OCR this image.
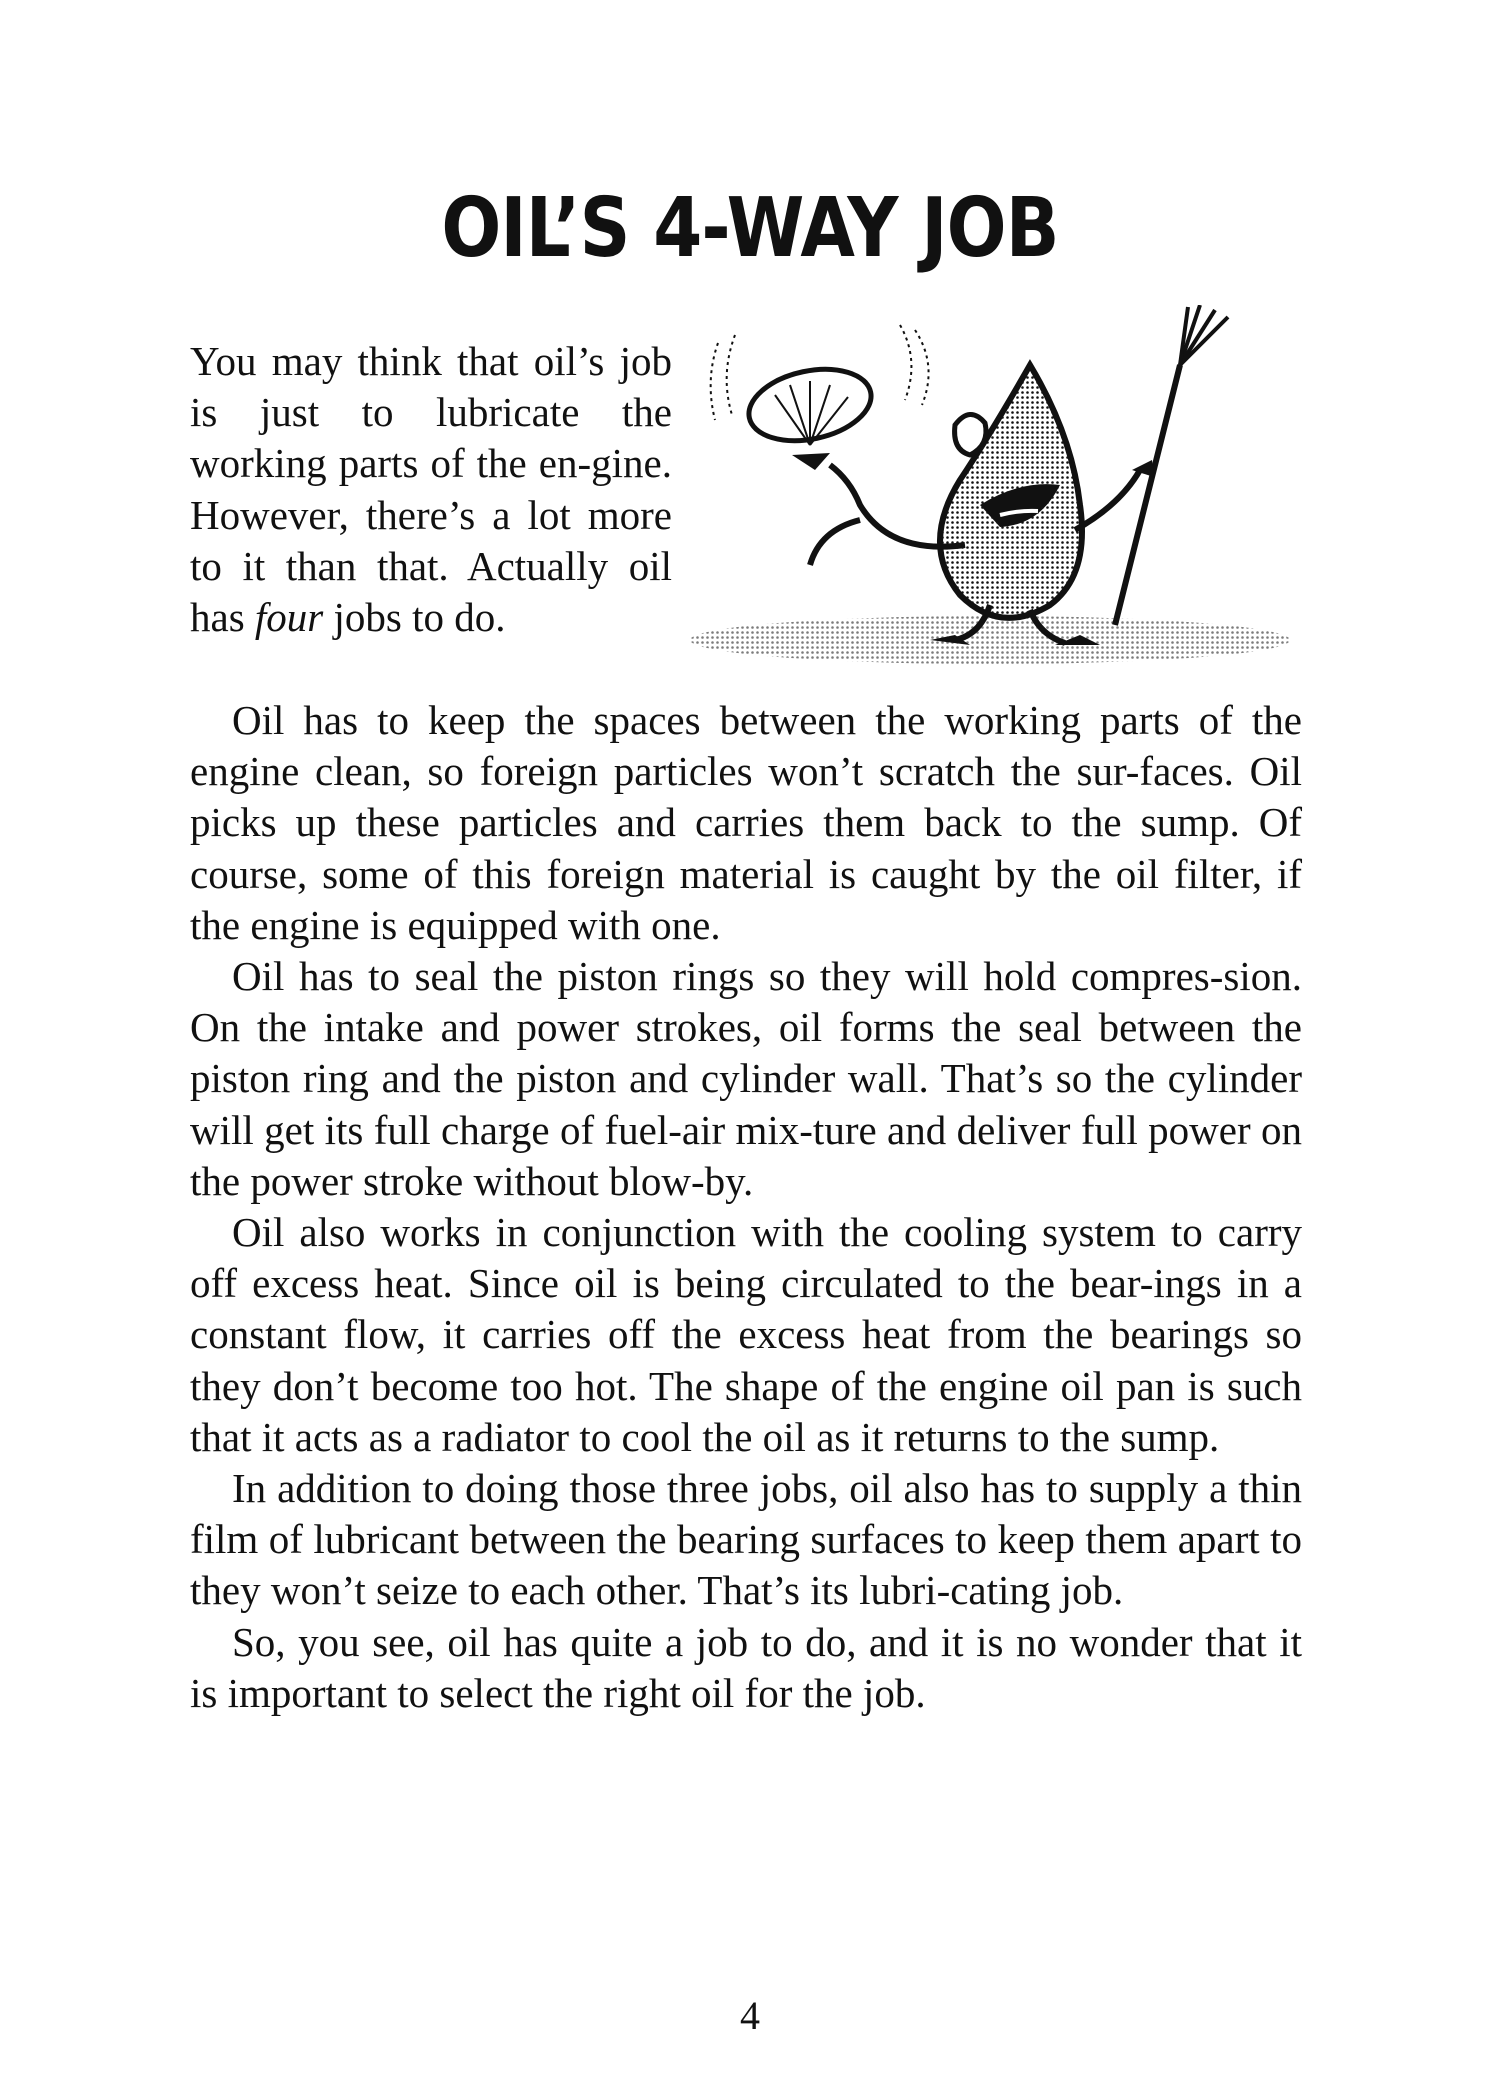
OIL’S 4-WAY JOB

You may think that oil’s job is just to lubricate the working parts of the en-gine. However, there’s a lot more to it than that. Actually oil has four jobs to do.

Oil has to keep the spaces between the working parts of the engine clean, so foreign particles won’t scratch the sur-faces. Oil picks up these particles and carries them back to the sump. Of course, some of this foreign material is caught by the oil filter, if the engine is equipped with one.

Oil has to seal the piston rings so they will hold compres-sion. On the intake and power strokes, oil forms the seal between the piston ring and the piston and cylinder wall. That’s so the cylinder will get its full charge of fuel-air mix-ture and deliver full power on the power stroke without blow-by.

Oil also works in conjunction with the cooling system to carry off excess heat. Since oil is being circulated to the bear-ings in a constant flow, it carries off the excess heat from the bearings so they don’t become too hot. The shape of the engine oil pan is such that it acts as a radiator to cool the oil as it returns to the sump.

In addition to doing those three jobs, oil also has to supply a thin film of lubricant between the bearing surfaces to keep them apart to they won’t seize to each other. That’s its lubri-cating job.

So, you see, oil has quite a job to do, and it is no wonder that it is important to select the right oil for the job.

4
